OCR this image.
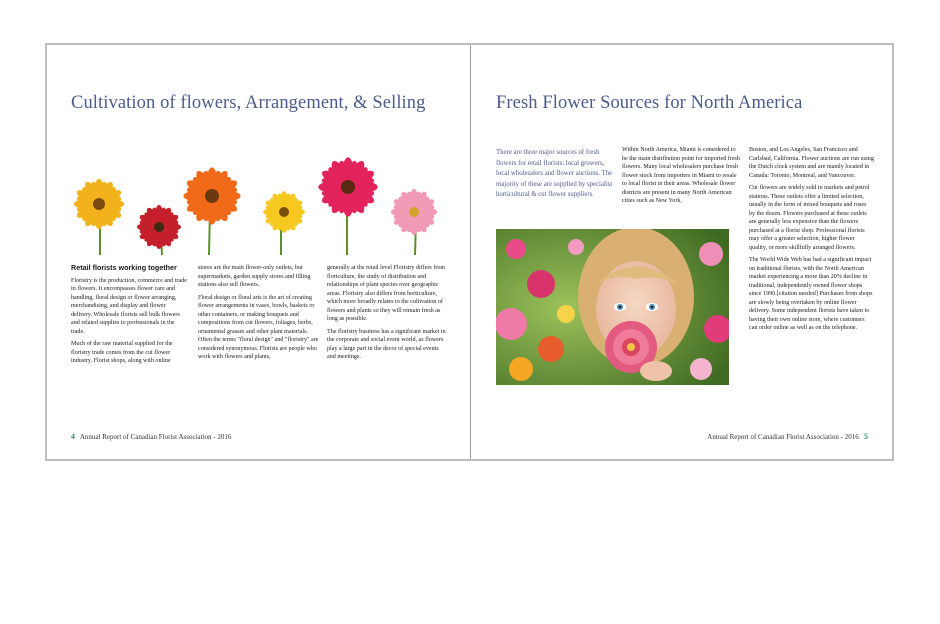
Cultivation of flowers, Arrangement, & Selling
Retail florists working together

Floristry is the production, commerce and trade in flowers. It encompasses flower care and handling, floral design or flower arranging, merchandising, and display and flower delivery. Wholesale florists sell bulk flowers and related supplies to professionals in the trade.

Much of the raw material supplied for the floristry trade comes from the cut flower industry. Florist shops, along with online

stores are the main flower-only outlets, but supermarkets, garden supply stores and filling stations also sell flowers.

Floral design or floral arts is the art of creating flower arrangements in vases, bowls, baskets or other containers, or making bouquets and compositions from cut flowers, foliages, herbs, ornamental grasses and other plant materials. Often the terms "floral design" and "floristry" are considered synonymous. Florists are people who work with flowers and plants,

generally at the retail level Floristry differs from floriculture, the study of distribution and relationships of plant species over geographic areas. Floristry also differs from horticulture, which more broadly relates to the cultivation of flowers and plants so they will remain fresh as long as possible.

The floristry business has a significant market in the corporate and social event world, as flowers play a large part in the decor of special events and meetings.

4 Annual Report of Canadian Florist Association - 2016
Fresh Flower Sources for North America
There are three major sources of fresh flowers for retail florists: local growers, local wholesalers and flower auctions. The majority of these are supplied by specialist horticultural & cut flower suppliers.

Within North America, Miami is considered to be the main distribution point for imported fresh flowers. Many local wholesalers purchase fresh flower stock from importers in Miami to resale to local florist in their areas. Wholesale flower districts are present in many North American cities such as New York,

Boston, and Los Angeles, San Francisco and Carlsbad, California. Flower auctions are run using the Dutch clock system and are mainly located in Canada: Toronto, Montreal, and Vancouver.

Cut flowers are widely sold in markets and petrol stations. These outlets offer a limited selection, usually in the form of mixed bouquets and roses by the dozen. Flowers purchased at these outlets are generally less expensive than the flowers purchased at a florist shop. Professional florists may offer a greater selection, higher flower quality, or more skillfully arranged flowers.

The World Wide Web has had a significant impact on traditional florists, with the North American market experiencing a more than 20% decline in traditional, independently owned flower shops since 1990.[citation needed] Purchases from shops are slowly being overtaken by online flower delivery. Some independent florists have taken to having their own online store, where customers can order online as well as on the telephone.

Annual Report of Canadian Florist Association - 2016 5
